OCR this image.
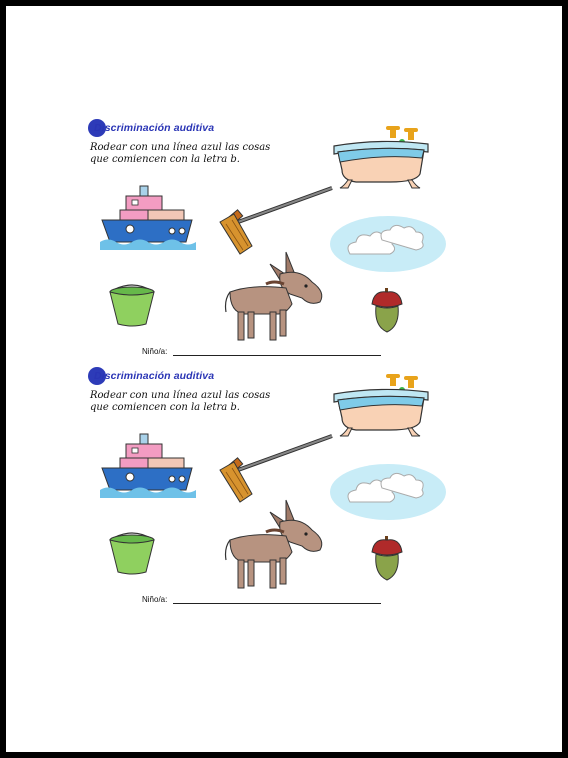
Discriminación auditiva
Rodear con una línea azul las cosas
que comiencen con la letra b.
Niño/a:
Discriminación auditiva
Rodear con una línea azul las cosas
que comiencen con la letra b.
Niño/a:
